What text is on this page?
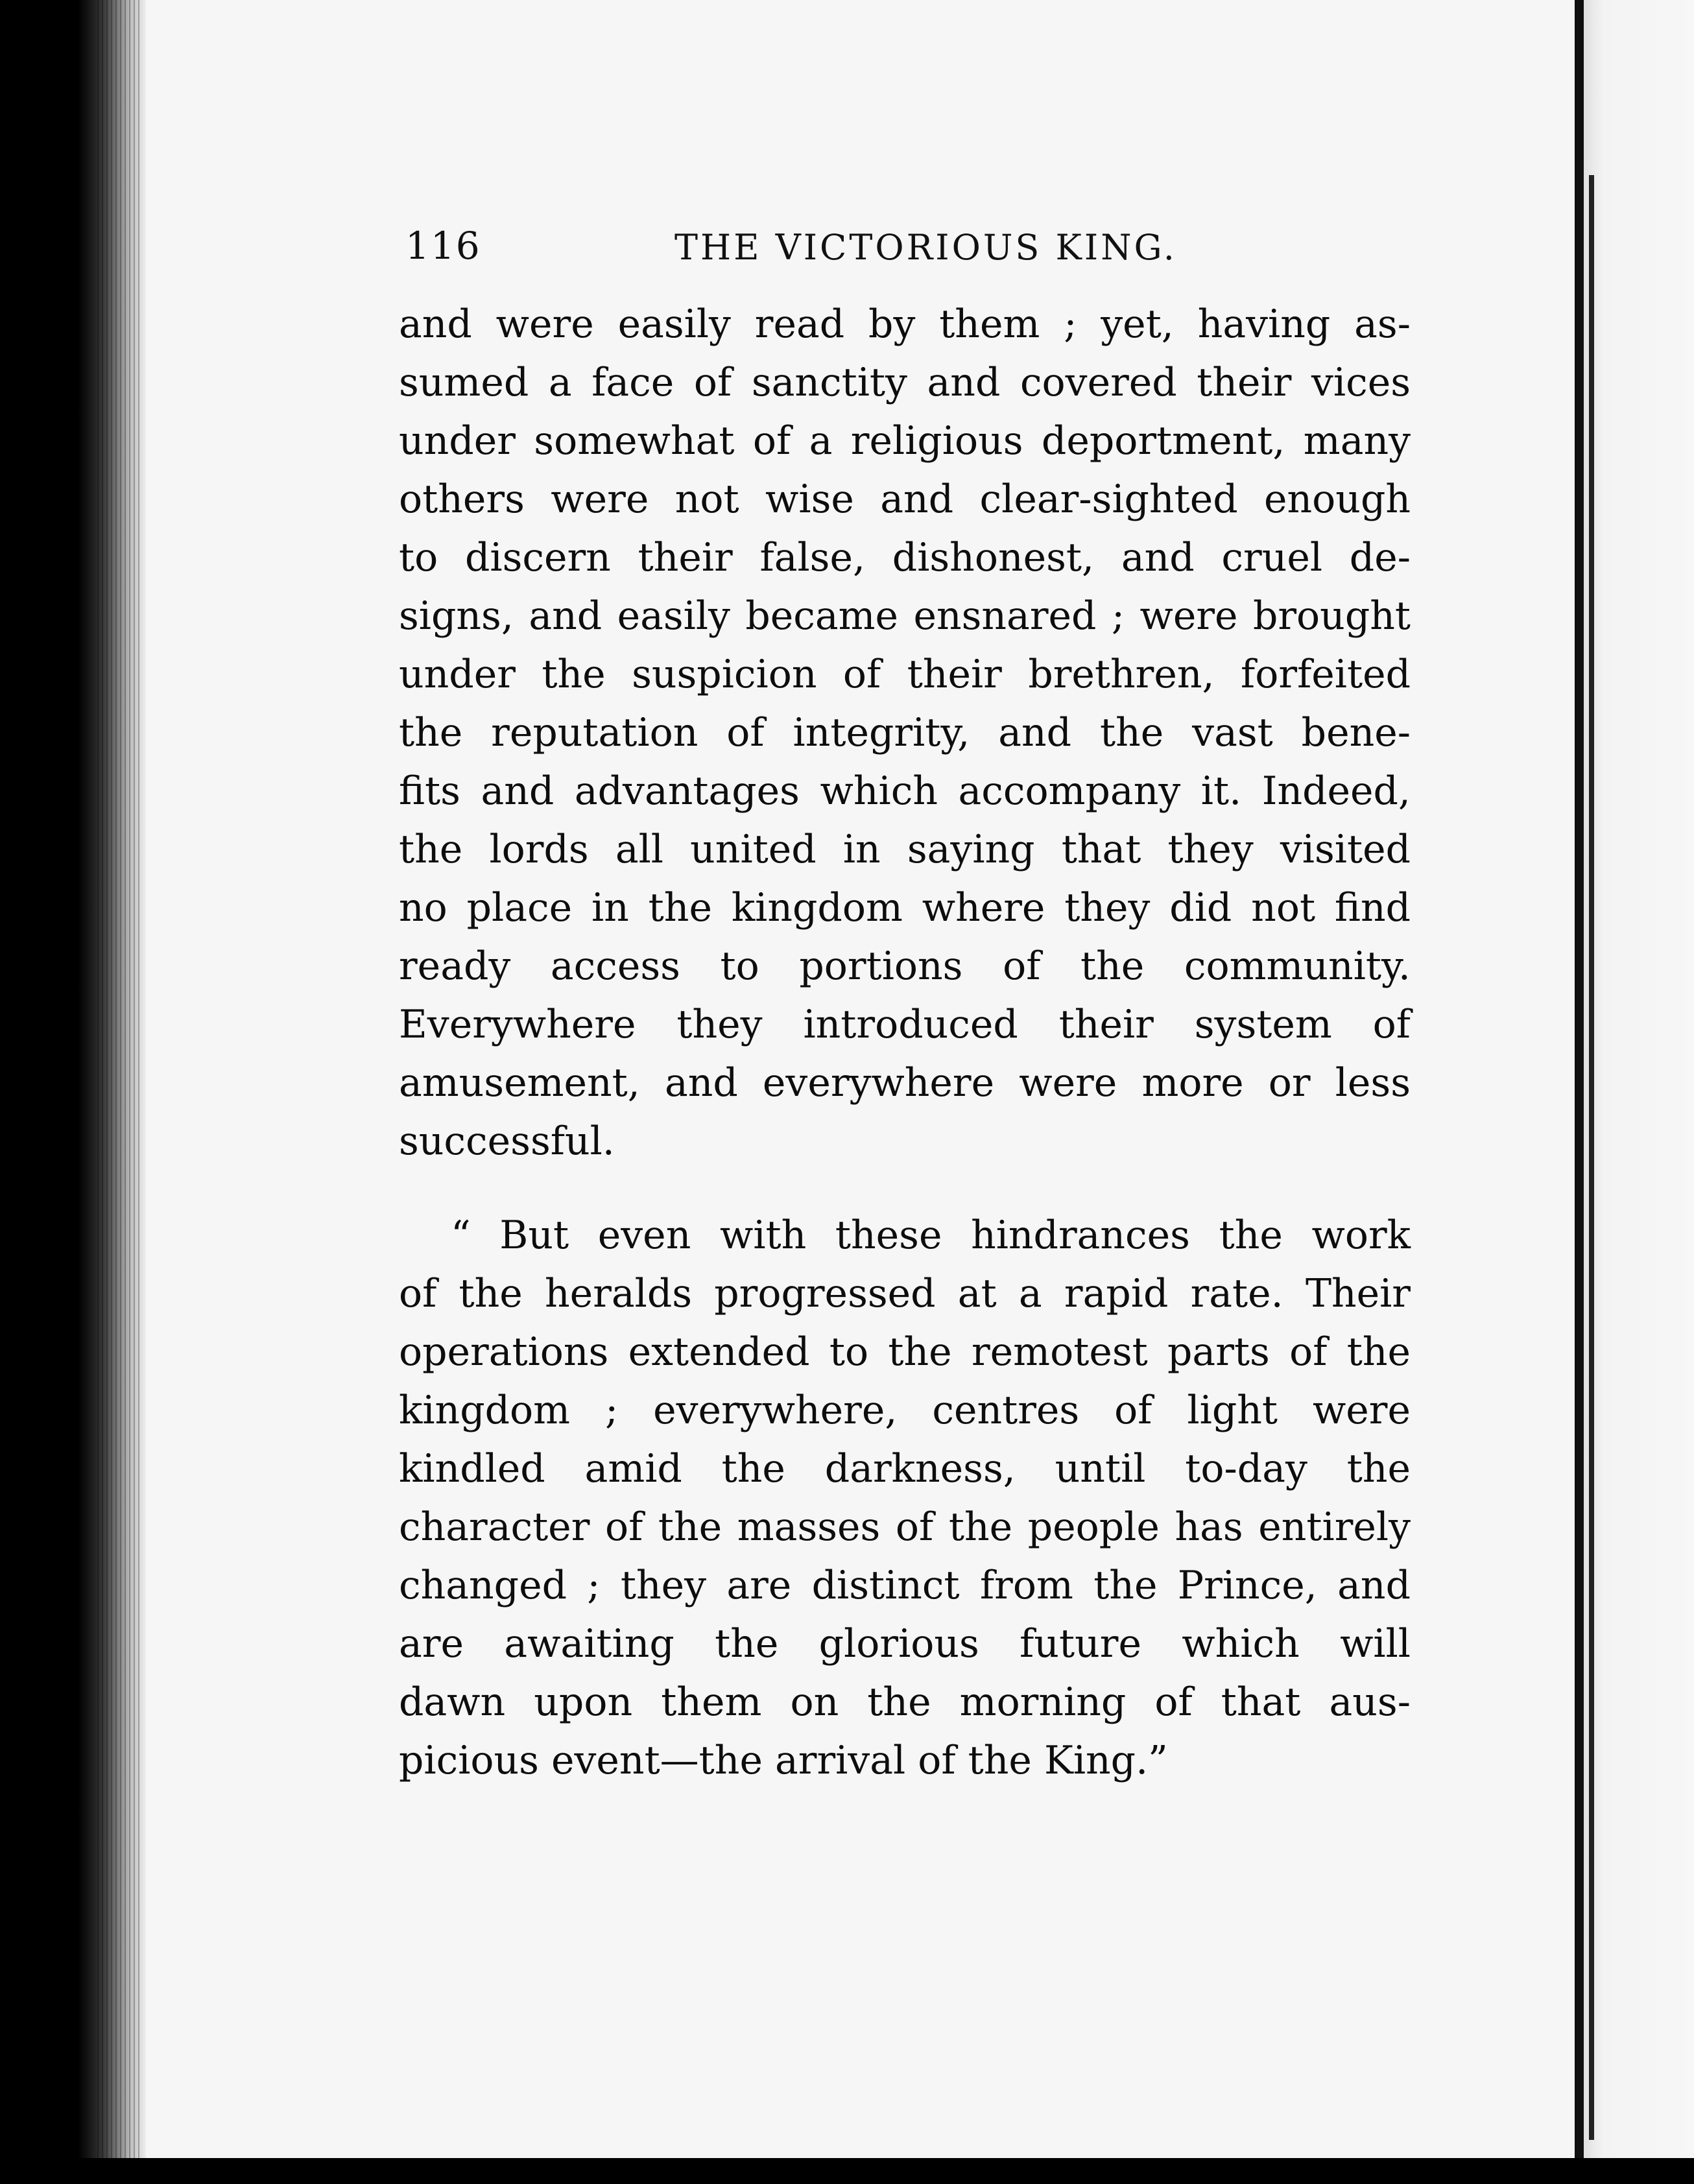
116	THE VICTORIOUS KING.
and were easily read by them ; yet, having as-
sumed a face of sanctity and covered their vices
under somewhat of a religious deportment, many
others were not wise and clear-sighted enough
to discern their false, dishonest, and cruel de-
signs, and easily became ensnared ; were brought
under the suspicion of their brethren, forfeited
the reputation of integrity, and the vast bene-
fits and advantages which accompany it. Indeed,
the lords all united in saying that they visited
no place in the kingdom where they did not find
ready access to portions of the community.
Everywhere they introduced their system of
amusement, and everywhere were more or less
successful.
“ But even with these hindrances the work
of the heralds progressed at a rapid rate. Their
operations extended to the remotest parts of the
kingdom ; everywhere, centres of light were
kindled amid the darkness, until to-day the
character of the masses of the people has entirely
changed ; they are distinct from the Prince, and
are awaiting the glorious future which will
dawn upon them on the morning of that aus-
picious event—the arrival of the King.”
